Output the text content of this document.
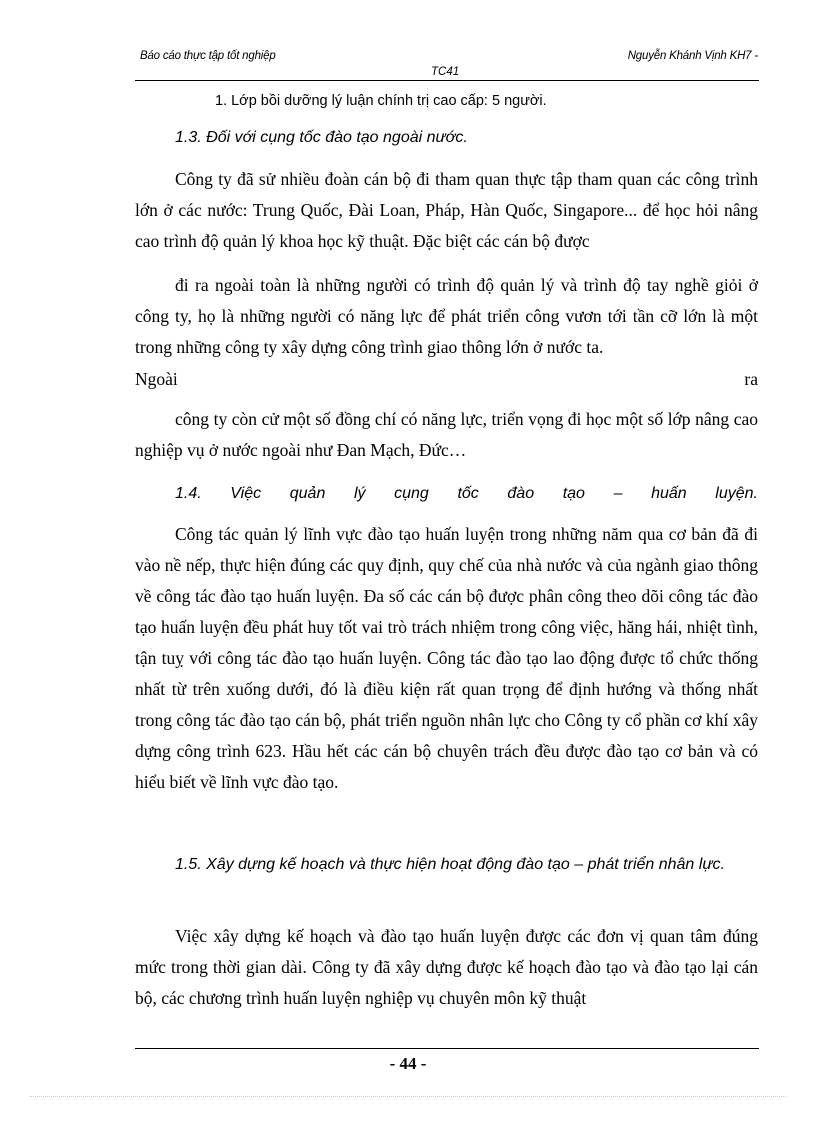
Báo cáo thực tập tốt nghiệp	Nguyễn Khánh Vịnh KH7 -
TC41

1. Lớp bồi dưỡng lý luận chính trị cao cấp: 5 người.

1.3. Đối với cụng tốc đào tạo ngoài nước.

Công ty đã sử nhiều đoàn cán bộ đi tham quan thực tập tham quan các công trình lớn ở các nước: Trung Quốc, Đài Loan, Pháp, Hàn Quốc, Singapore... để học hỏi nâng cao trình độ quản lý khoa học kỹ thuật. Đặc biệt các cán bộ được

đi ra ngoài toàn là những người có trình độ quản lý và trình độ tay nghề giỏi ở công ty, họ là những người có năng lực để phát triển công vươn tới tần cỡ lớn là một trong những công ty xây dựng công trình giao thông lớn ở nước ta.

Ngoài	ra

công ty còn cử một số đồng chí có năng lực, triển vọng đi học một số lớp nâng cao nghiệp vụ ở nước ngoài như Đan Mạch, Đức…

1.4. Việc quản lý cụng tốc đào tạo – huấn luyện.

Công tác quản lý lĩnh vực đào tạo huấn luyện trong những năm qua cơ bản đã đi vào nề nếp, thực hiện đúng các quy định, quy chế của nhà nước và của ngành giao thông về công tác đào tạo huấn luyện. Đa số các cán bộ được phân công theo dõi công tác đào tạo huấn luyện đều phát huy tốt vai trò trách nhiệm trong công việc, hăng hái, nhiệt tình, tận tuỵ với công tác đào tạo huấn luyện. Công tác đào tạo lao động được tổ chức thống nhất từ trên xuống dưới, đó là điều kiện rất quan trọng để định hướng và thống nhất trong công tác đào tạo cán bộ, phát triển nguồn nhân lực cho Công ty cổ phần cơ khí xây dựng công trình 623. Hầu hết các cán bộ chuyên trách đều được đào tạo cơ bản và có hiểu biết về lĩnh vực đào tạo.

1.5. Xây dựng kế hoạch và thực hiện hoạt động đào tạo – phát triển nhân lực.

Việc xây dựng kế hoạch và đào tạo huấn luyện được các đơn vị quan tâm đúng mức trong thời gian dài. Công ty đã xây dựng được kế hoạch đào tạo và đào tạo lại cán bộ, các chương trình huấn luyện nghiệp vụ chuyên môn kỹ thuật

- 44 -
